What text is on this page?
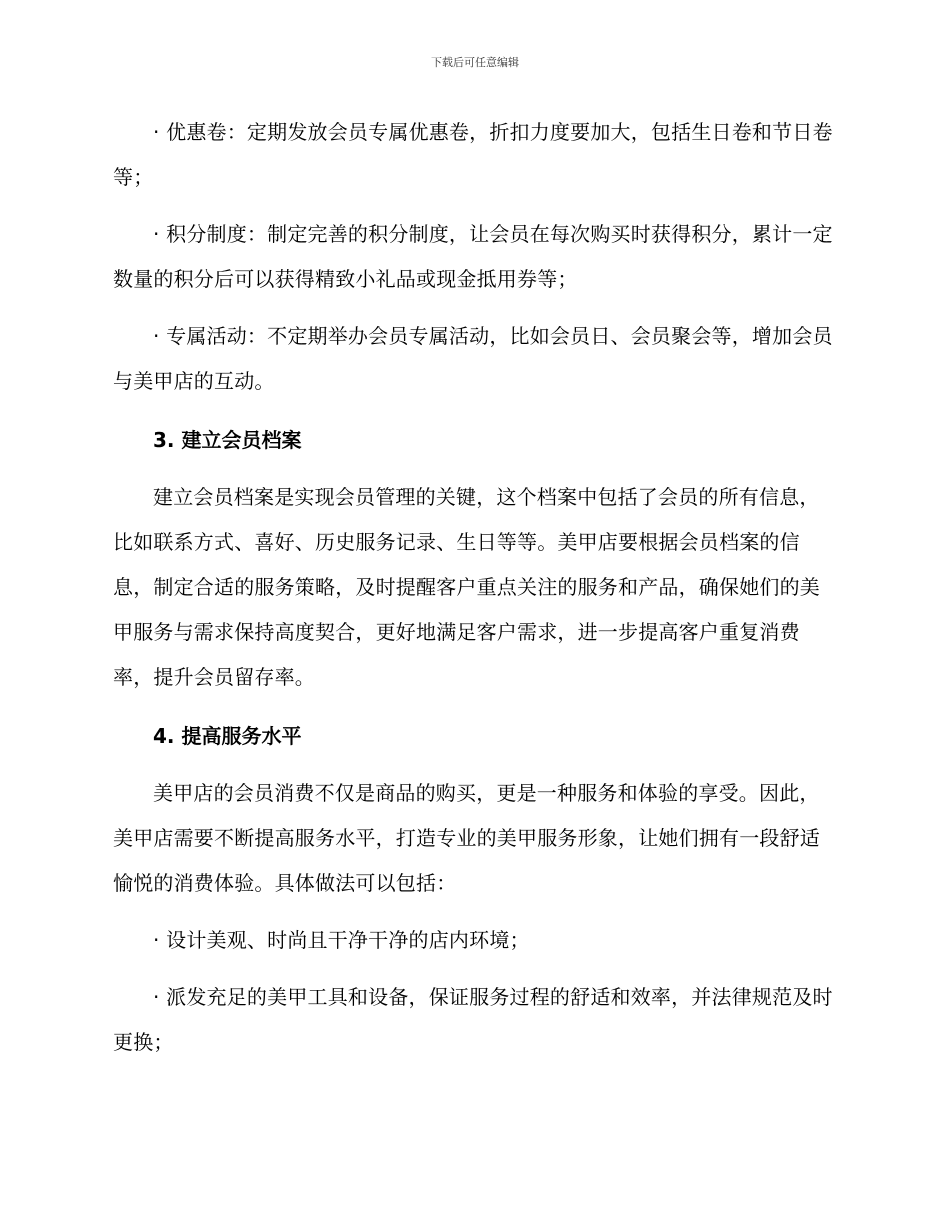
下载后可任意编辑

· 优惠卷：定期发放会员专属优惠卷，折扣力度要加大，包括生日卷和节日卷等；

· 积分制度：制定完善的积分制度，让会员在每次购买时获得积分，累计一定数量的积分后可以获得精致小礼品或现金抵用券等；

· 专属活动：不定期举办会员专属活动，比如会员日、会员聚会等，增加会员与美甲店的互动。

3. 建立会员档案

建立会员档案是实现会员管理的关键，这个档案中包括了会员的所有信息，比如联系方式、喜好、历史服务记录、生日等等。美甲店要根据会员档案的信息，制定合适的服务策略，及时提醒客户重点关注的服务和产品，确保她们的美甲服务与需求保持高度契合，更好地满足客户需求，进一步提高客户重复消费率，提升会员留存率。

4. 提高服务水平

美甲店的会员消费不仅是商品的购买，更是一种服务和体验的享受。因此，美甲店需要不断提高服务水平，打造专业的美甲服务形象，让她们拥有一段舒适愉悦的消费体验。具体做法可以包括：

· 设计美观、时尚且干净干净的店内环境；

· 派发充足的美甲工具和设备，保证服务过程的舒适和效率，并法律规范及时更换；
